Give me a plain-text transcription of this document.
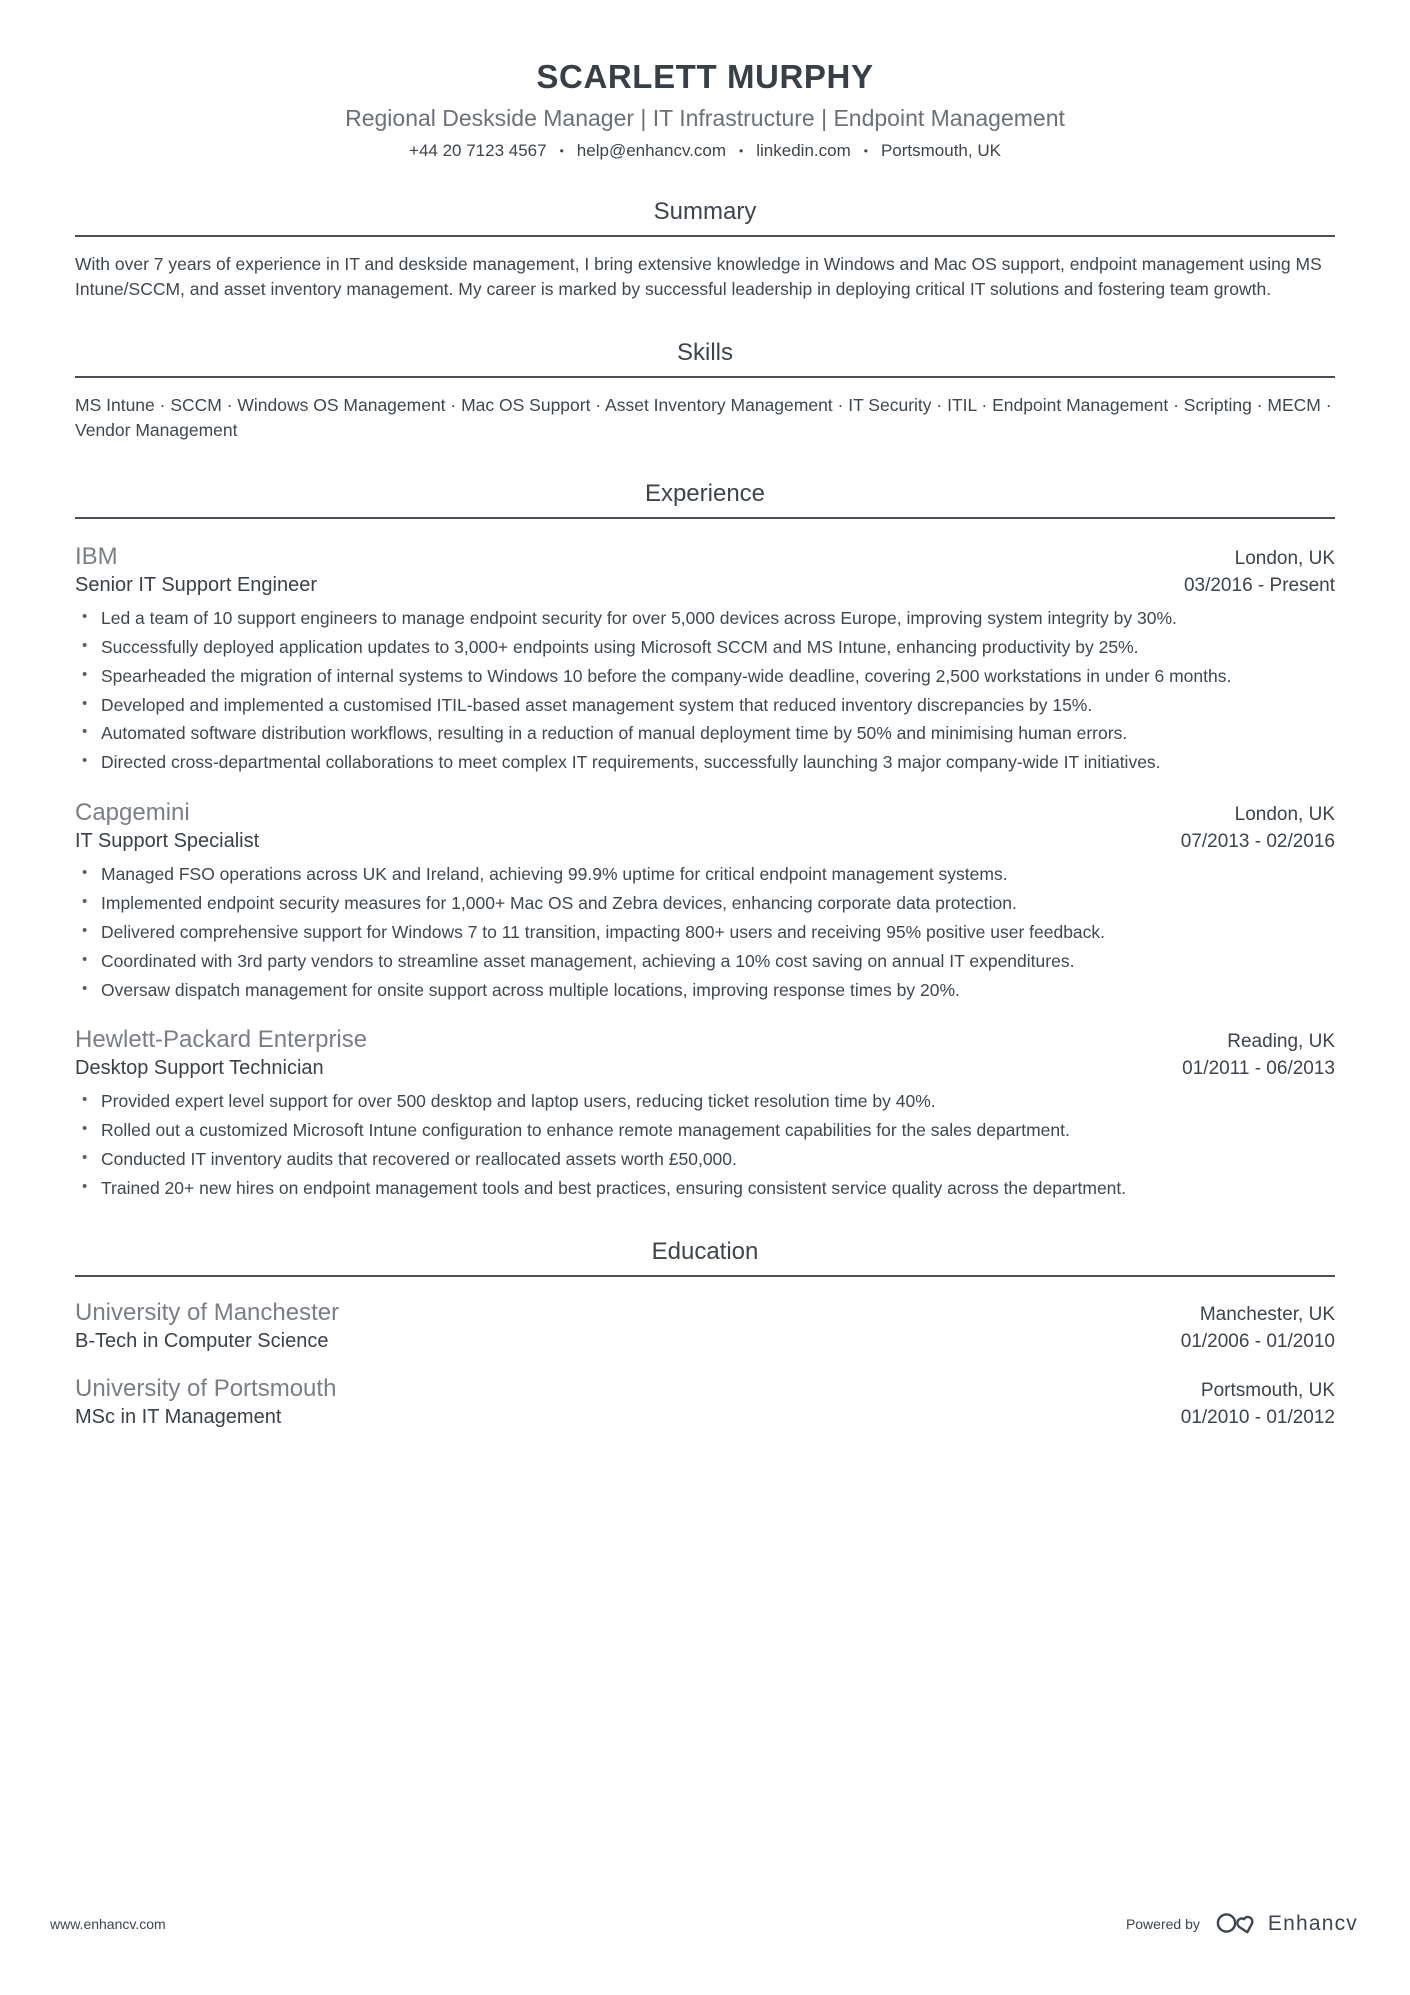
SCARLETT MURPHY
Regional Deskside Manager | IT Infrastructure | Endpoint Management
+44 20 7123 4567 • help@enhancv.com • linkedin.com • Portsmouth, UK
Summary

With over 7 years of experience in IT and deskside management, I bring extensive knowledge in Windows and Mac OS support, endpoint management using MS Intune/SCCM, and asset inventory management. My career is marked by successful leadership in deploying critical IT solutions and fostering team growth.

Skills

MS Intune · SCCM · Windows OS Management · Mac OS Support · Asset Inventory Management · IT Security · ITIL · Endpoint Management · Scripting · MECM · Vendor Management

Experience
IBM	London, UK
Senior IT Support Engineer	03/2016 - Present
• Led a team of 10 support engineers to manage endpoint security for over 5,000 devices across Europe, improving system integrity by 30%.
• Successfully deployed application updates to 3,000+ endpoints using Microsoft SCCM and MS Intune, enhancing productivity by 25%.
• Spearheaded the migration of internal systems to Windows 10 before the company-wide deadline, covering 2,500 workstations in under 6 months.
• Developed and implemented a customised ITIL-based asset management system that reduced inventory discrepancies by 15%.
• Automated software distribution workflows, resulting in a reduction of manual deployment time by 50% and minimising human errors.
• Directed cross-departmental collaborations to meet complex IT requirements, successfully launching 3 major company-wide IT initiatives.
Capgemini	London, UK
IT Support Specialist	07/2013 - 02/2016
• Managed FSO operations across UK and Ireland, achieving 99.9% uptime for critical endpoint management systems.
• Implemented endpoint security measures for 1,000+ Mac OS and Zebra devices, enhancing corporate data protection.
• Delivered comprehensive support for Windows 7 to 11 transition, impacting 800+ users and receiving 95% positive user feedback.
• Coordinated with 3rd party vendors to streamline asset management, achieving a 10% cost saving on annual IT expenditures.
• Oversaw dispatch management for onsite support across multiple locations, improving response times by 20%.
Hewlett-Packard Enterprise	Reading, UK
Desktop Support Technician	01/2011 - 06/2013
• Provided expert level support for over 500 desktop and laptop users, reducing ticket resolution time by 40%.
• Rolled out a customized Microsoft Intune configuration to enhance remote management capabilities for the sales department.
• Conducted IT inventory audits that recovered or reallocated assets worth £50,000.
• Trained 20+ new hires on endpoint management tools and best practices, ensuring consistent service quality across the department.
Education
University of Manchester	Manchester, UK
B-Tech in Computer Science	01/2006 - 01/2010
University of Portsmouth	Portsmouth, UK
MSc in IT Management	01/2010 - 01/2012
www.enhancv.com	Powered by	Enhancv
